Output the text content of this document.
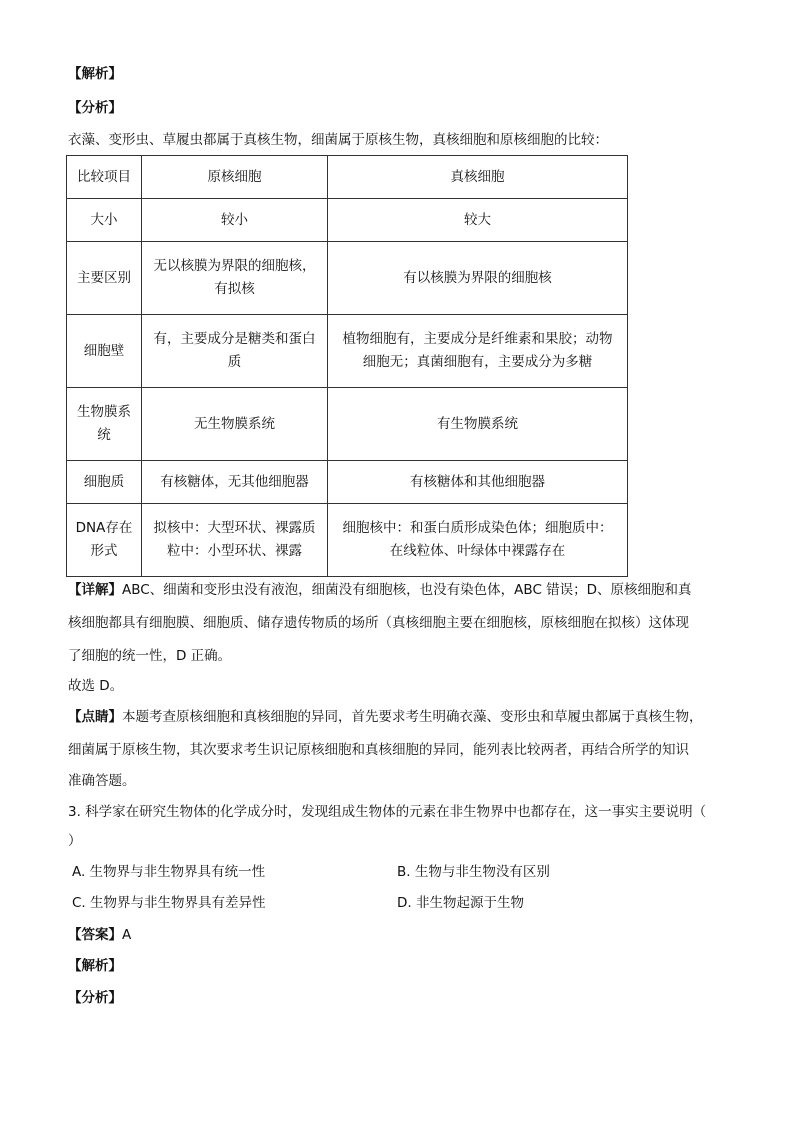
【解析】
【分析】
衣藻、变形虫、草履虫都属于真核生物，细菌属于原核生物，真核细胞和原核细胞的比较：
比较项目	原核细胞	真核细胞
大小	较小	较大
主要区别	无以核膜为界限的细胞核，有拟核	有以核膜为界限的细胞核
细胞壁	有，主要成分是糖类和蛋白质	植物细胞有，主要成分是纤维素和果胶；动物细胞无；真菌细胞有，主要成分为多糖
生物膜系统	无生物膜系统	有生物膜系统
细胞质	有核糖体，无其他细胞器	有核糖体和其他细胞器
DNA存在形式	拟核中：大型环状、裸露质粒中：小型环状、裸露	细胞核中：和蛋白质形成染色体；细胞质中：在线粒体、叶绿体中裸露存在
【详解】ABC、细菌和变形虫没有液泡，细菌没有细胞核，也没有染色体，ABC 错误；D、原核细胞和真
核细胞都具有细胞膜、细胞质、储存遗传物质的场所（真核细胞主要在细胞核，原核细胞在拟核）这体现
了细胞的统一性，D 正确。
故选 D。
【点睛】本题考查原核细胞和真核细胞的异同，首先要求考生明确衣藻、变形虫和草履虫都属于真核生物，
细菌属于原核生物，其次要求考生识记原核细胞和真核细胞的异同，能列表比较两者，再结合所学的知识
准确答题。
3. 科学家在研究生物体的化学成分时，发现组成生物体的元素在非生物界中也都存在，这一事实主要说明（
）
A. 生物界与非生物界具有统一性	B. 生物与非生物没有区别
C. 生物界与非生物界具有差异性	D. 非生物起源于生物
【答案】A
【解析】
【分析】
